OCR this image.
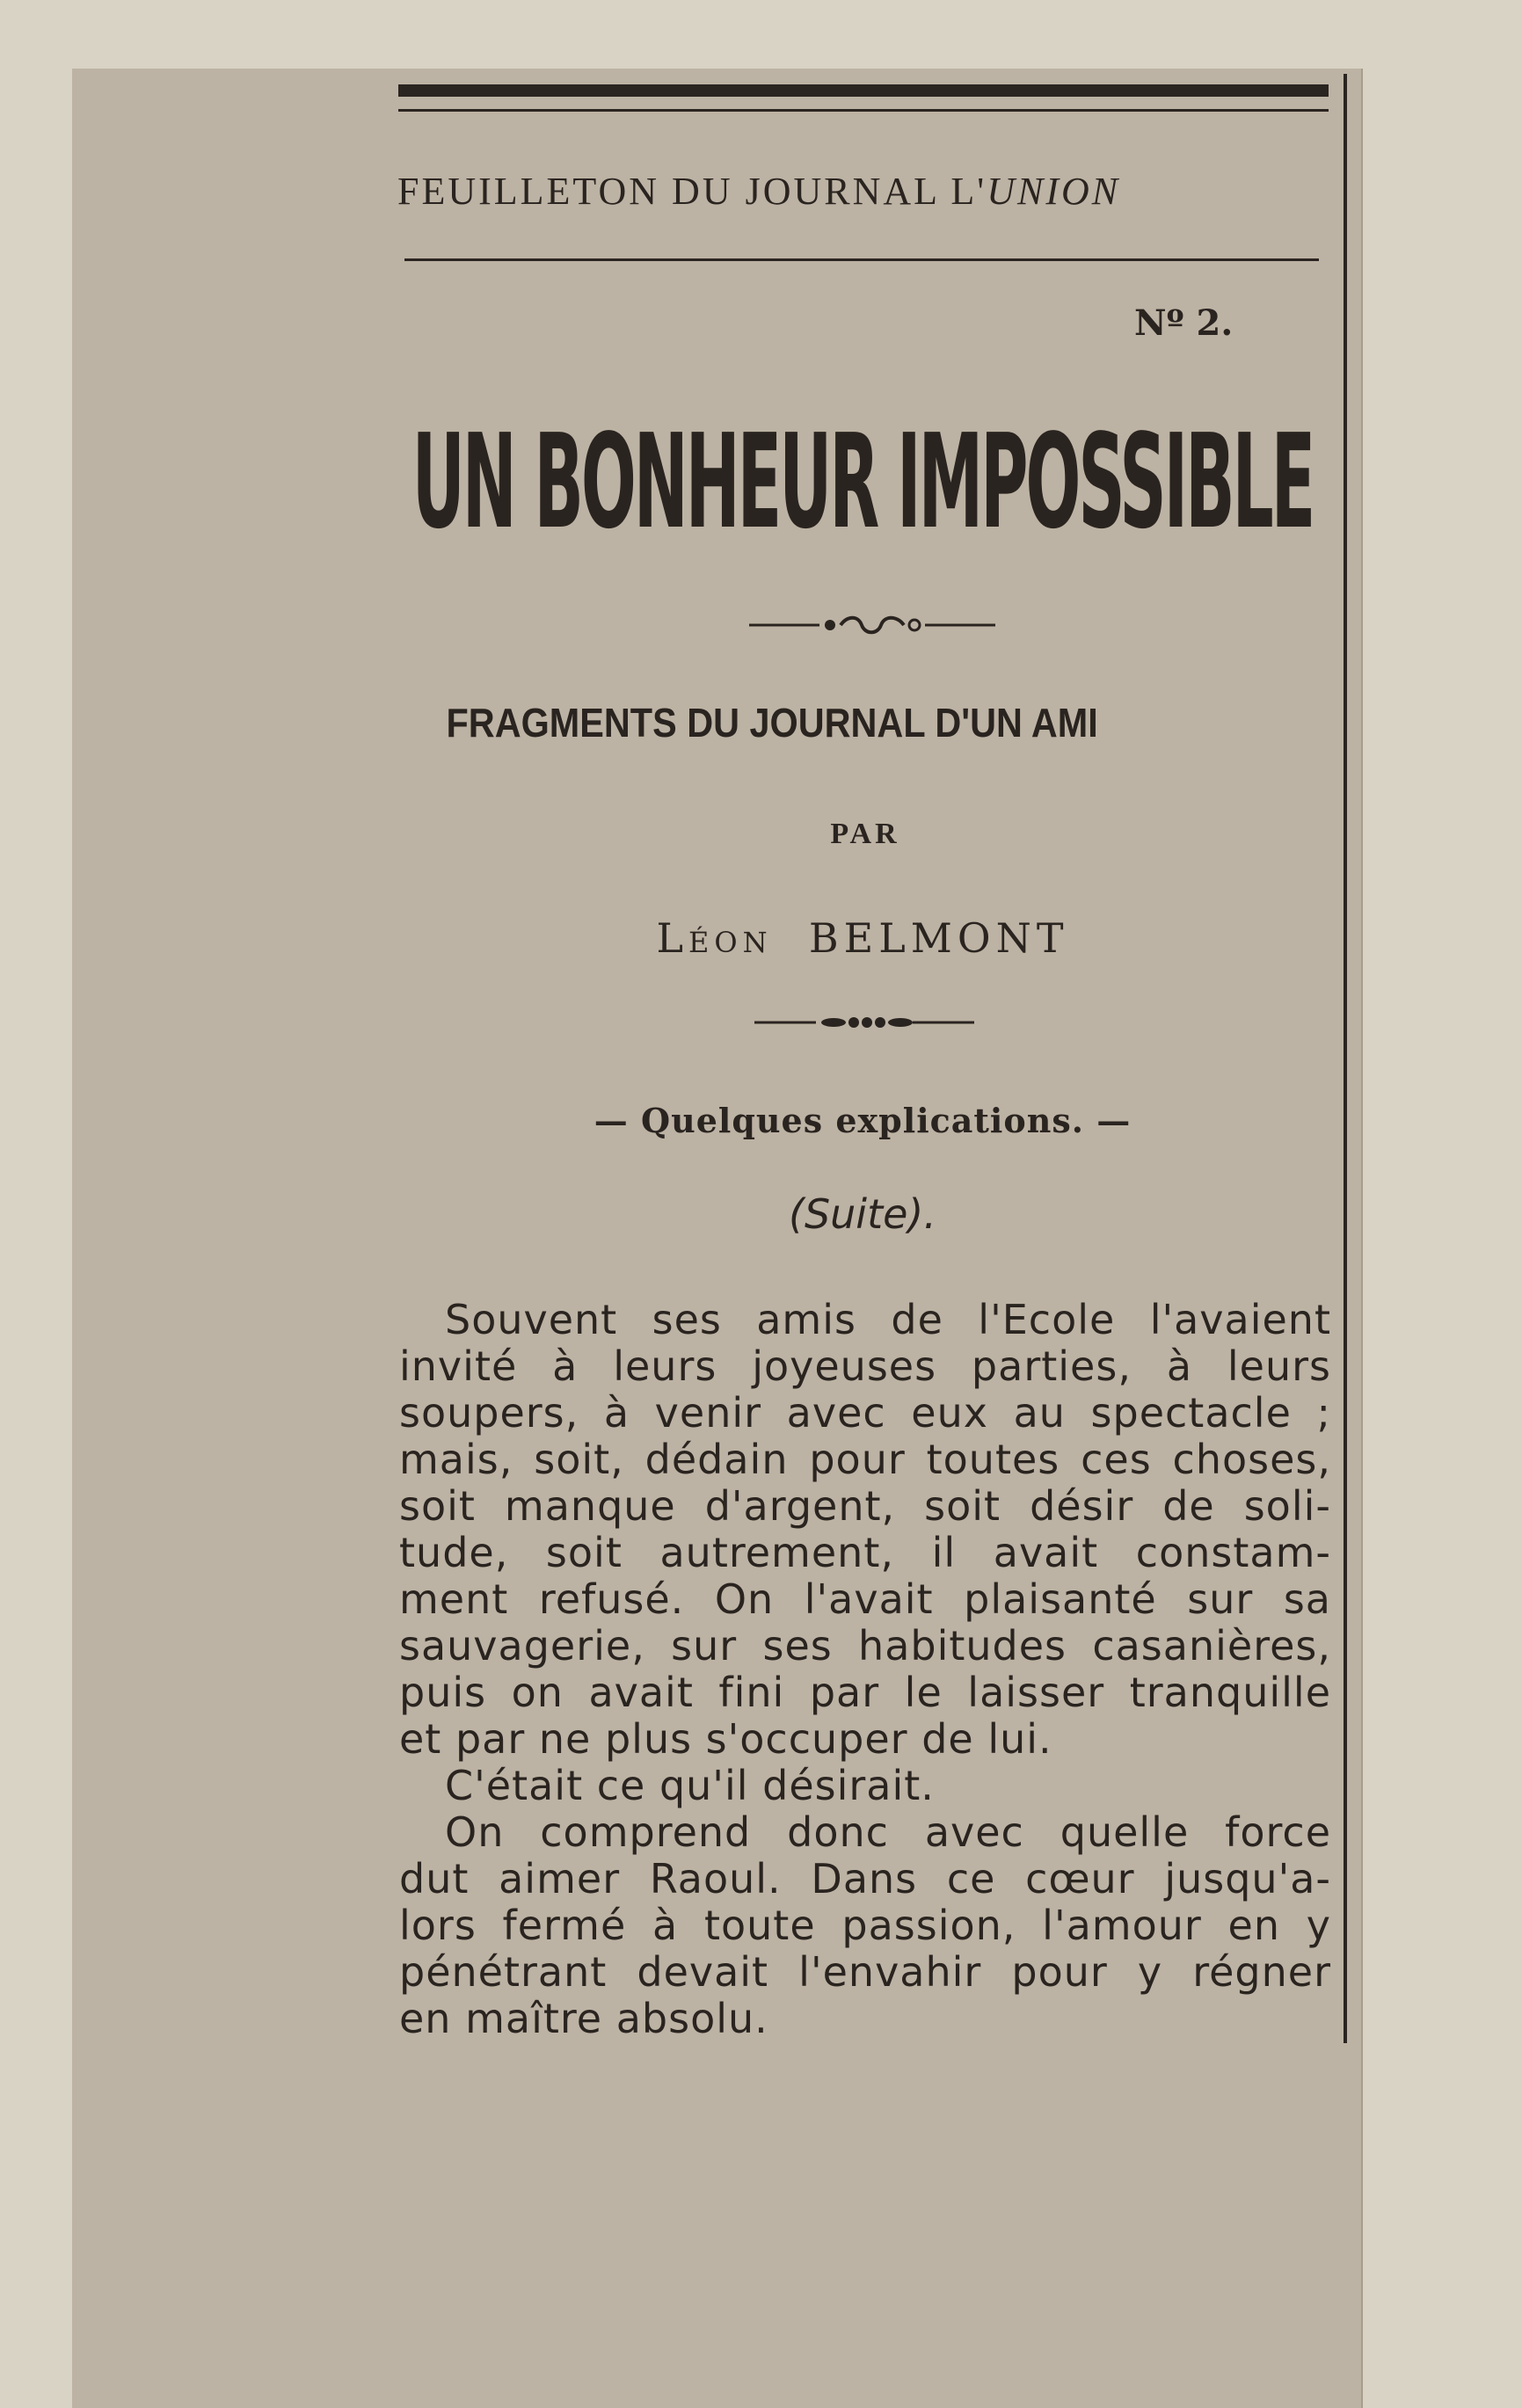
FEUILLETON DU JOURNAL L'UNION

Nº 2.

UN BONHEUR IMPOSSIBLE

FRAGMENTS DU JOURNAL D'UN AMI

PAR

Léon BELMONT

— Quelques explications. —

(Suite).

Souvent ses amis de l'Ecole l'avaient
invité à leurs joyeuses parties, à leurs
soupers, à venir avec eux au spectacle ;
mais, soit, dédain pour toutes ces choses,
soit manque d'argent, soit désir de soli-
tude, soit autrement, il avait constam-
ment refusé. On l'avait plaisanté sur sa
sauvagerie, sur ses habitudes casanières,
puis on avait fini par le laisser tranquille
et par ne plus s'occuper de lui.
C'était ce qu'il désirait.
On comprend donc avec quelle force
dut aimer Raoul. Dans ce cœur jusqu'a-
lors fermé à toute passion, l'amour en y
pénétrant devait l'envahir pour y régner
en maître absolu.
